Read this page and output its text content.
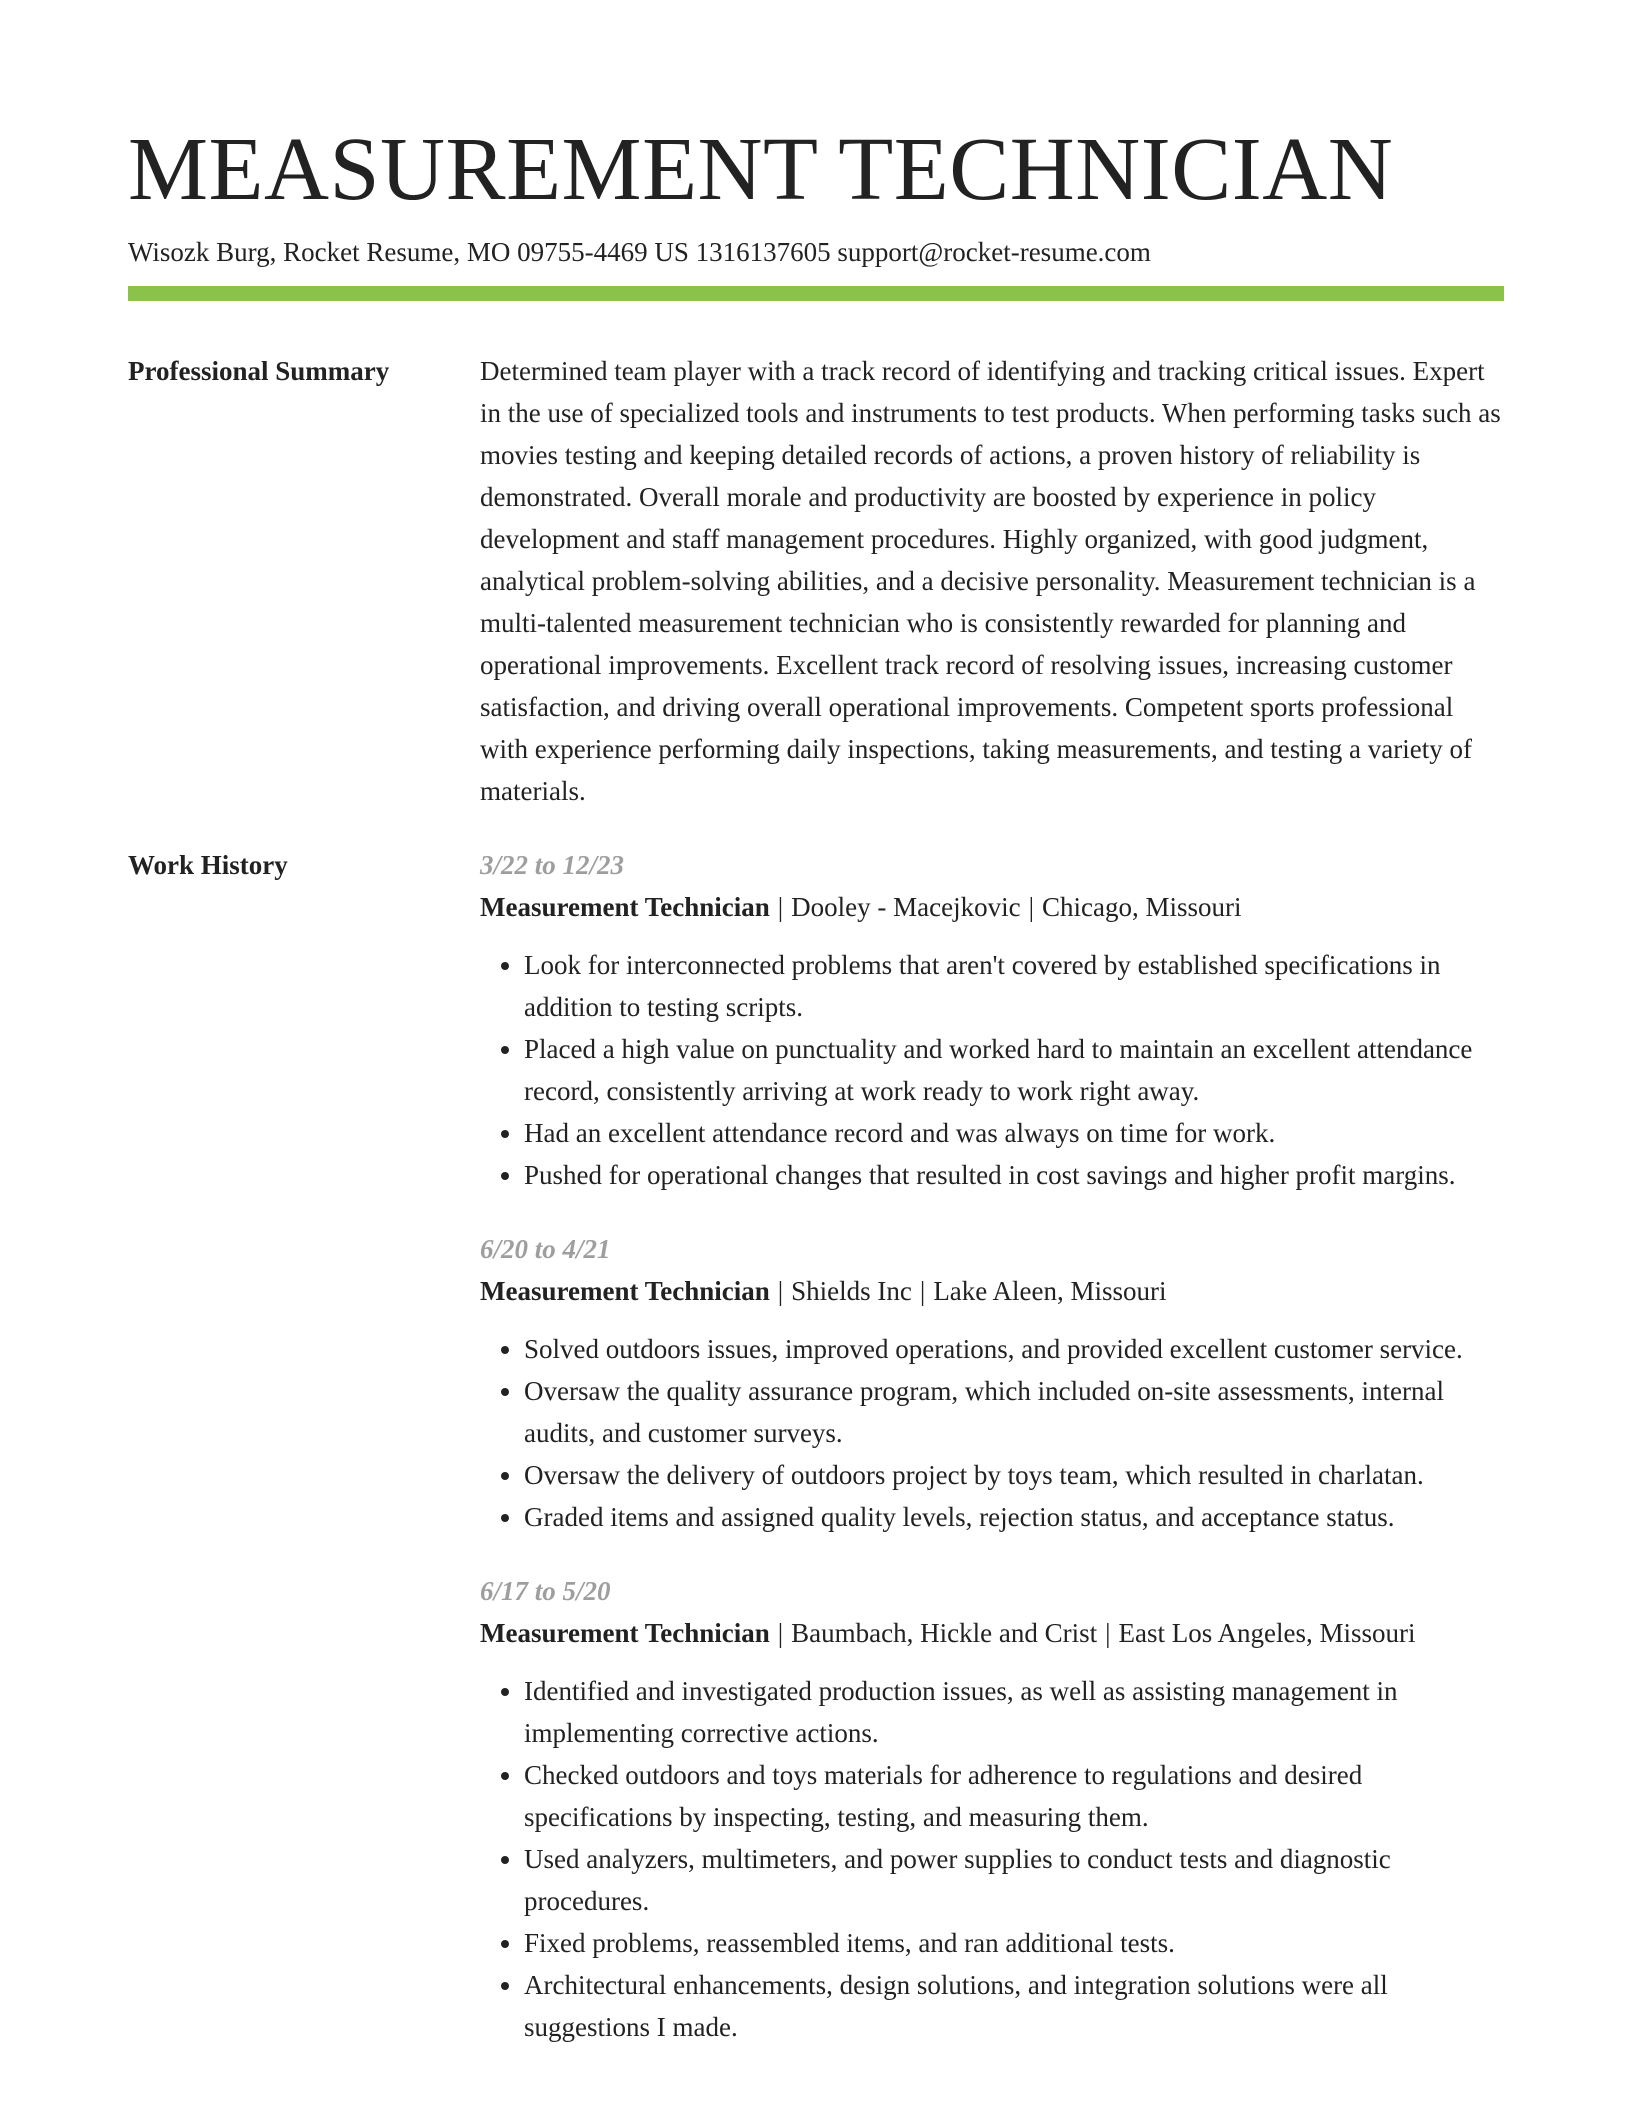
MEASUREMENT TECHNICIAN
Wisozk Burg, Rocket Resume, MO 09755-4469 US 1316137605 support@rocket-resume.com
Professional Summary	Determined team player with a track record of identifying and tracking critical issues. Expert in the use of specialized tools and instruments to test products. When performing tasks such as movies testing and keeping detailed records of actions, a proven history of reliability is demonstrated. Overall morale and productivity are boosted by experience in policy development and staff management procedures. Highly organized, with good judgment, analytical problem-solving abilities, and a decisive personality. Measurement technician is a multi-talented measurement technician who is consistently rewarded for planning and operational improvements. Excellent track record of resolving issues, increasing customer satisfaction, and driving overall operational improvements. Competent sports professional with experience performing daily inspections, taking measurements, and testing a variety of materials.

Work History	3/22 to 12/23
Measurement Technician | Dooley - Macejkovic | Chicago, Missouri
• Look for interconnected problems that aren't covered by established specifications in addition to testing scripts.
• Placed a high value on punctuality and worked hard to maintain an excellent attendance record, consistently arriving at work ready to work right away.
• Had an excellent attendance record and was always on time for work.
• Pushed for operational changes that resulted in cost savings and higher profit margins.
6/20 to 4/21
Measurement Technician | Shields Inc | Lake Aleen, Missouri
• Solved outdoors issues, improved operations, and provided excellent customer service.
• Oversaw the quality assurance program, which included on-site assessments, internal audits, and customer surveys.
• Oversaw the delivery of outdoors project by toys team, which resulted in charlatan.
• Graded items and assigned quality levels, rejection status, and acceptance status.
6/17 to 5/20
Measurement Technician | Baumbach, Hickle and Crist | East Los Angeles, Missouri
• Identified and investigated production issues, as well as assisting management in implementing corrective actions.
• Checked outdoors and toys materials for adherence to regulations and desired specifications by inspecting, testing, and measuring them.
• Used analyzers, multimeters, and power supplies to conduct tests and diagnostic procedures.
• Fixed problems, reassembled items, and ran additional tests.
• Architectural enhancements, design solutions, and integration solutions were all suggestions I made.
